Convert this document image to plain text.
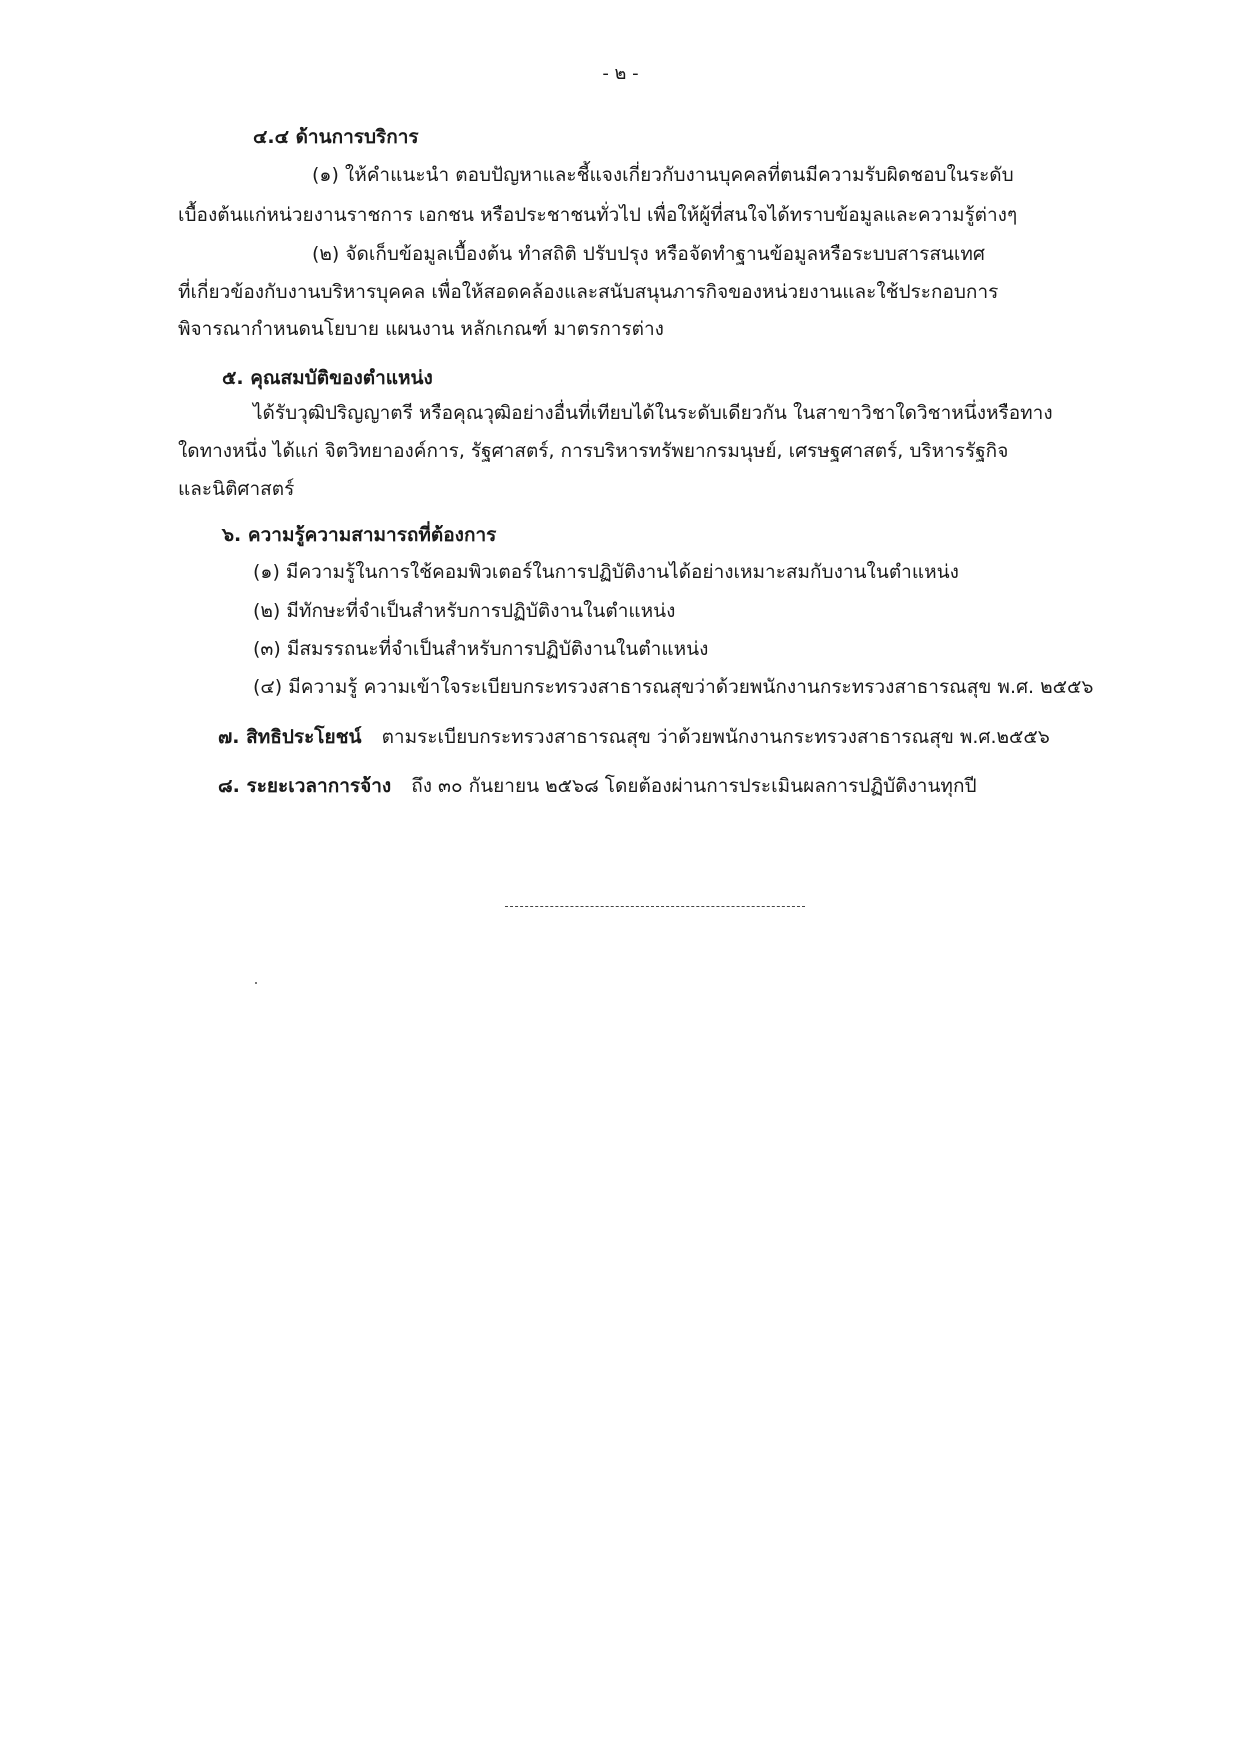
- ๒ -
๔.๔ ด้านการบริการ
(๑) ให้คำแนะนำ ตอบปัญหาและชี้แจงเกี่ยวกับงานบุคคลที่ตนมีความรับผิดชอบในระดับ
เบื้องต้นแก่หน่วยงานราชการ เอกชน หรือประชาชนทั่วไป เพื่อให้ผู้ที่สนใจได้ทราบข้อมูลและความรู้ต่างๆ
(๒) จัดเก็บข้อมูลเบื้องต้น ทำสถิติ ปรับปรุง หรือจัดทำฐานข้อมูลหรือระบบสารสนเทศ
ที่เกี่ยวข้องกับงานบริหารบุคคล เพื่อให้สอดคล้องและสนับสนุนภารกิจของหน่วยงานและใช้ประกอบการ
พิจารณากำหนดนโยบาย แผนงาน หลักเกณฑ์ มาตรการต่าง
๕. คุณสมบัติของตำแหน่ง
ได้รับวุฒิปริญญาตรี หรือคุณวุฒิอย่างอื่นที่เทียบได้ในระดับเดียวกัน ในสาขาวิชาใดวิชาหนึ่งหรือทาง
ใดทางหนึ่ง ได้แก่ จิตวิทยาองค์การ, รัฐศาสตร์, การบริหารทรัพยากรมนุษย์, เศรษฐศาสตร์, บริหารรัฐกิจ
และนิติศาสตร์
๖. ความรู้ความสามารถที่ต้องการ
(๑) มีความรู้ในการใช้คอมพิวเตอร์ในการปฏิบัติงานได้อย่างเหมาะสมกับงานในตำแหน่ง
(๒) มีทักษะที่จำเป็นสำหรับการปฏิบัติงานในตำแหน่ง
(๓) มีสมรรถนะที่จำเป็นสำหรับการปฏิบัติงานในตำแหน่ง
(๔) มีความรู้ ความเข้าใจระเบียบกระทรวงสาธารณสุขว่าด้วยพนักงานกระทรวงสาธารณสุข พ.ศ. ๒๕๕๖
๗. สิทธิประโยชน์ ตามระเบียบกระทรวงสาธารณสุข ว่าด้วยพนักงานกระทรวงสาธารณสุข พ.ศ.๒๕๕๖
๘. ระยะเวลาการจ้าง ถึง ๓๐ กันยายน ๒๕๖๘ โดยต้องผ่านการประเมินผลการปฏิบัติงานทุกปี
